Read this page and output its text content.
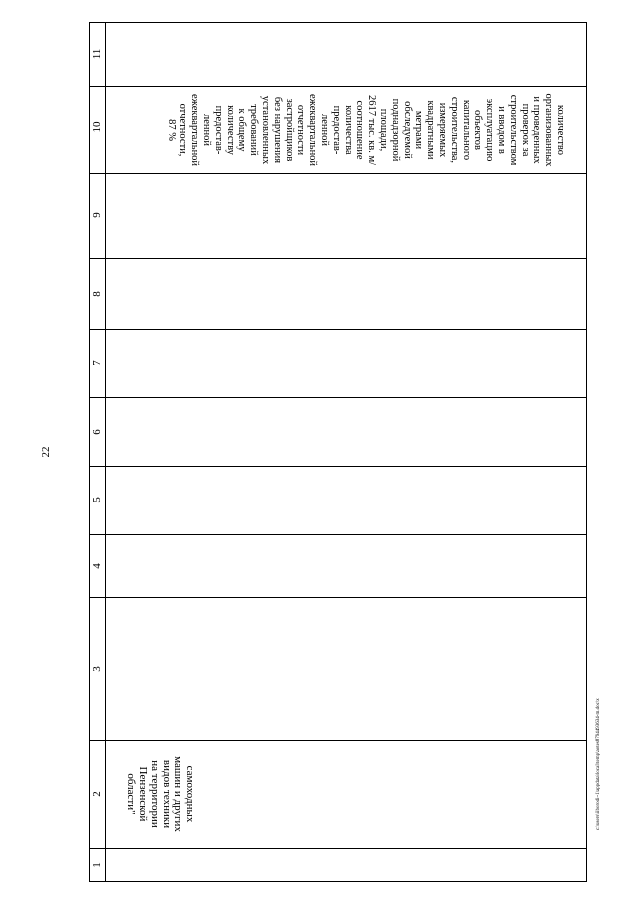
22
11
10
9
8
7
6
5
4
3
2
1
самоходных
машин и других
видов техники
на территории
Пензенской
области"
количество
организованных
и проведенных
проверок за
строительством
и вводом в
эксплуатацию
объектов
капитального
строительства,
измеряемых
квадратными
метрами
обследуемой
поднадзорной
площади,
2617 тыс. кв. м/
соотношение
количества
предостав-
ленной
ежеквартальной
отчетности
застройщиков
без нарушения
установленных
требований
к общему
количеству
предостав-
ленной
ежеквартальной
отчетности,
87 %
c:\users\iiborodi~1\appdata\local\temp\aotes8794493634-m.doc\x
